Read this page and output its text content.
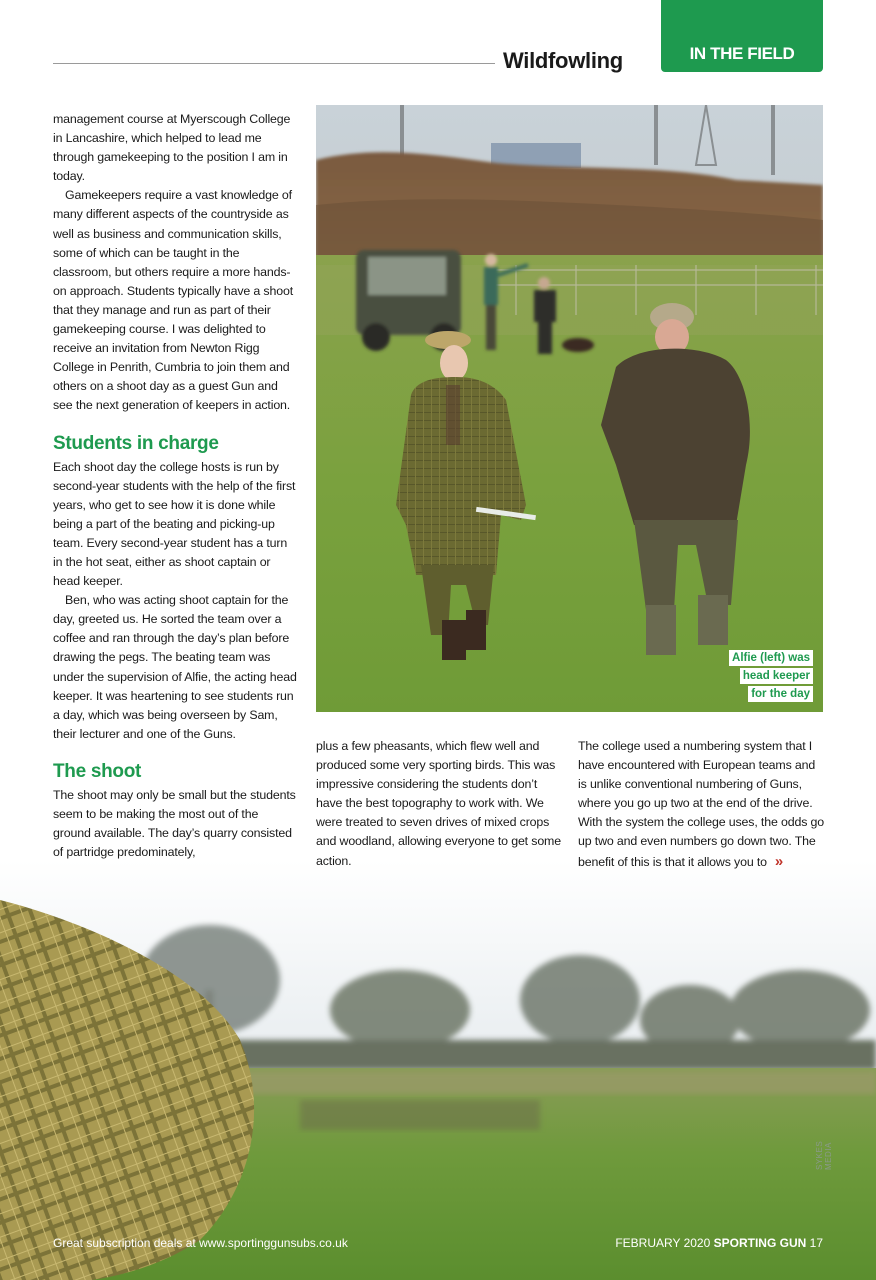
Wildfowling	IN THE FIELD

management course at Myerscough College in Lancashire, which helped to lead me through gamekeeping to the position I am in today.

Gamekeepers require a vast knowledge of many different aspects of the countryside as well as business and communication skills, some of which can be taught in the classroom, but others require a more hands-on approach. Students typically have a shoot that they manage and run as part of their gamekeeping course. I was delighted to receive an invitation from Newton Rigg College in Penrith, Cumbria to join them and others on a shoot day as a guest Gun and see the next generation of keepers in action.

Students in charge

Each shoot day the college hosts is run by second-year students with the help of the first years, who get to see how it is done while being a part of the beating and picking-up team. Every second-year student has a turn in the hot seat, either as shoot captain or head keeper.

Ben, who was acting shoot captain for the day, greeted us. He sorted the team over a coffee and ran through the day’s plan before drawing the pegs. The beating team was under the supervision of Alfie, the acting head keeper. It was heartening to see students run a day, which was being overseen by Sam, their lecturer and one of the Guns.

The shoot

The shoot may only be small but the students seem to be making the most out of the ground available. The day’s quarry consisted of partridge predominately,

Alfie (left) was
head keeper
for the day

plus a few pheasants, which flew well and produced some very sporting birds. This was impressive considering the students don’t have the best topography to work with. We were treated to seven drives of mixed crops and woodland, allowing everyone to get some action.

The college used a numbering system that I have encountered with European teams and is unlike conventional numbering of Guns, where you go up two at the end of the drive. With the system the college uses, the odds go up two and even numbers go down two. The benefit of this is that it allows you to »

SYKES MEDIA
Great subscription deals at www.sportinggunsubs.co.uk	FEBRUARY 2020 SPORTING GUN 17
